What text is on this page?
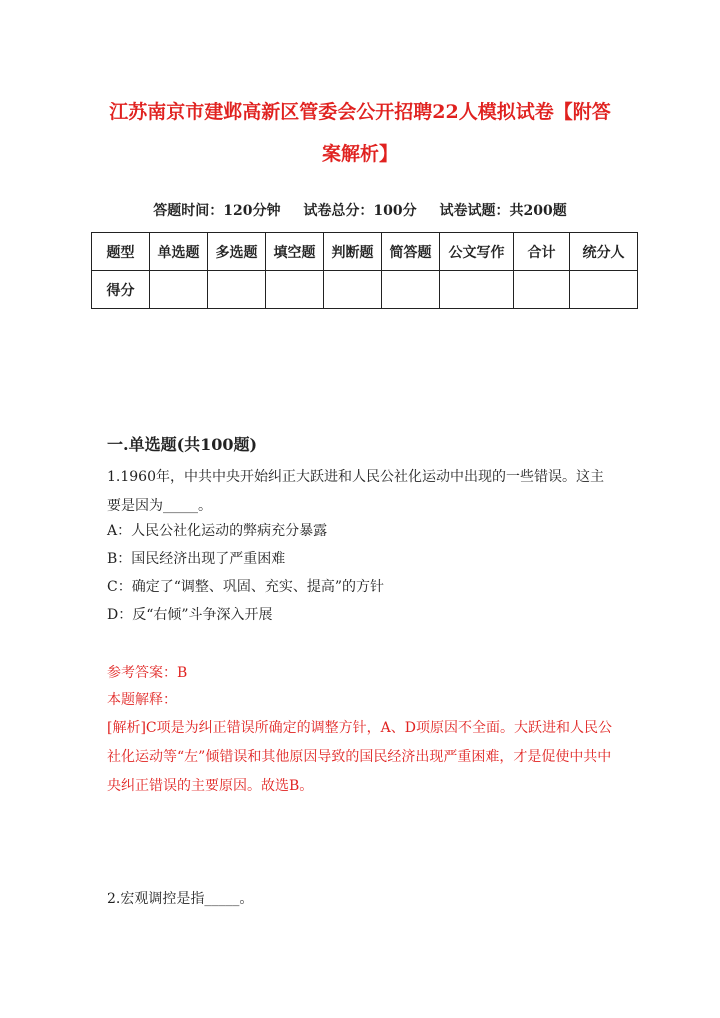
江苏南京市建邺高新区管委会公开招聘22人模拟试卷【附答案解析】
答题时间：120分钟 试卷总分：100分 试卷试题：共200题
题型	单选题	多选题	填空题	判断题	简答题	公文写作	合计	统分人
得分								
一.单选题(共100题)
1.1960年，中共中央开始纠正大跃进和人民公社化运动中出现的一些错误。这主要是因为_____。
A：人民公社化运动的弊病充分暴露
B：国民经济出现了严重困难
C：确定了“调整、巩固、充实、提高”的方针
D：反“右倾”斗争深入开展
参考答案：B
本题解释：
[解析]C项是为纠正错误所确定的调整方针，A、D项原因不全面。大跃进和人民公社化运动等“左”倾错误和其他原因导致的国民经济出现严重困难，才是促使中共中央纠正错误的主要原因。故选B。
2.宏观调控是指_____。
